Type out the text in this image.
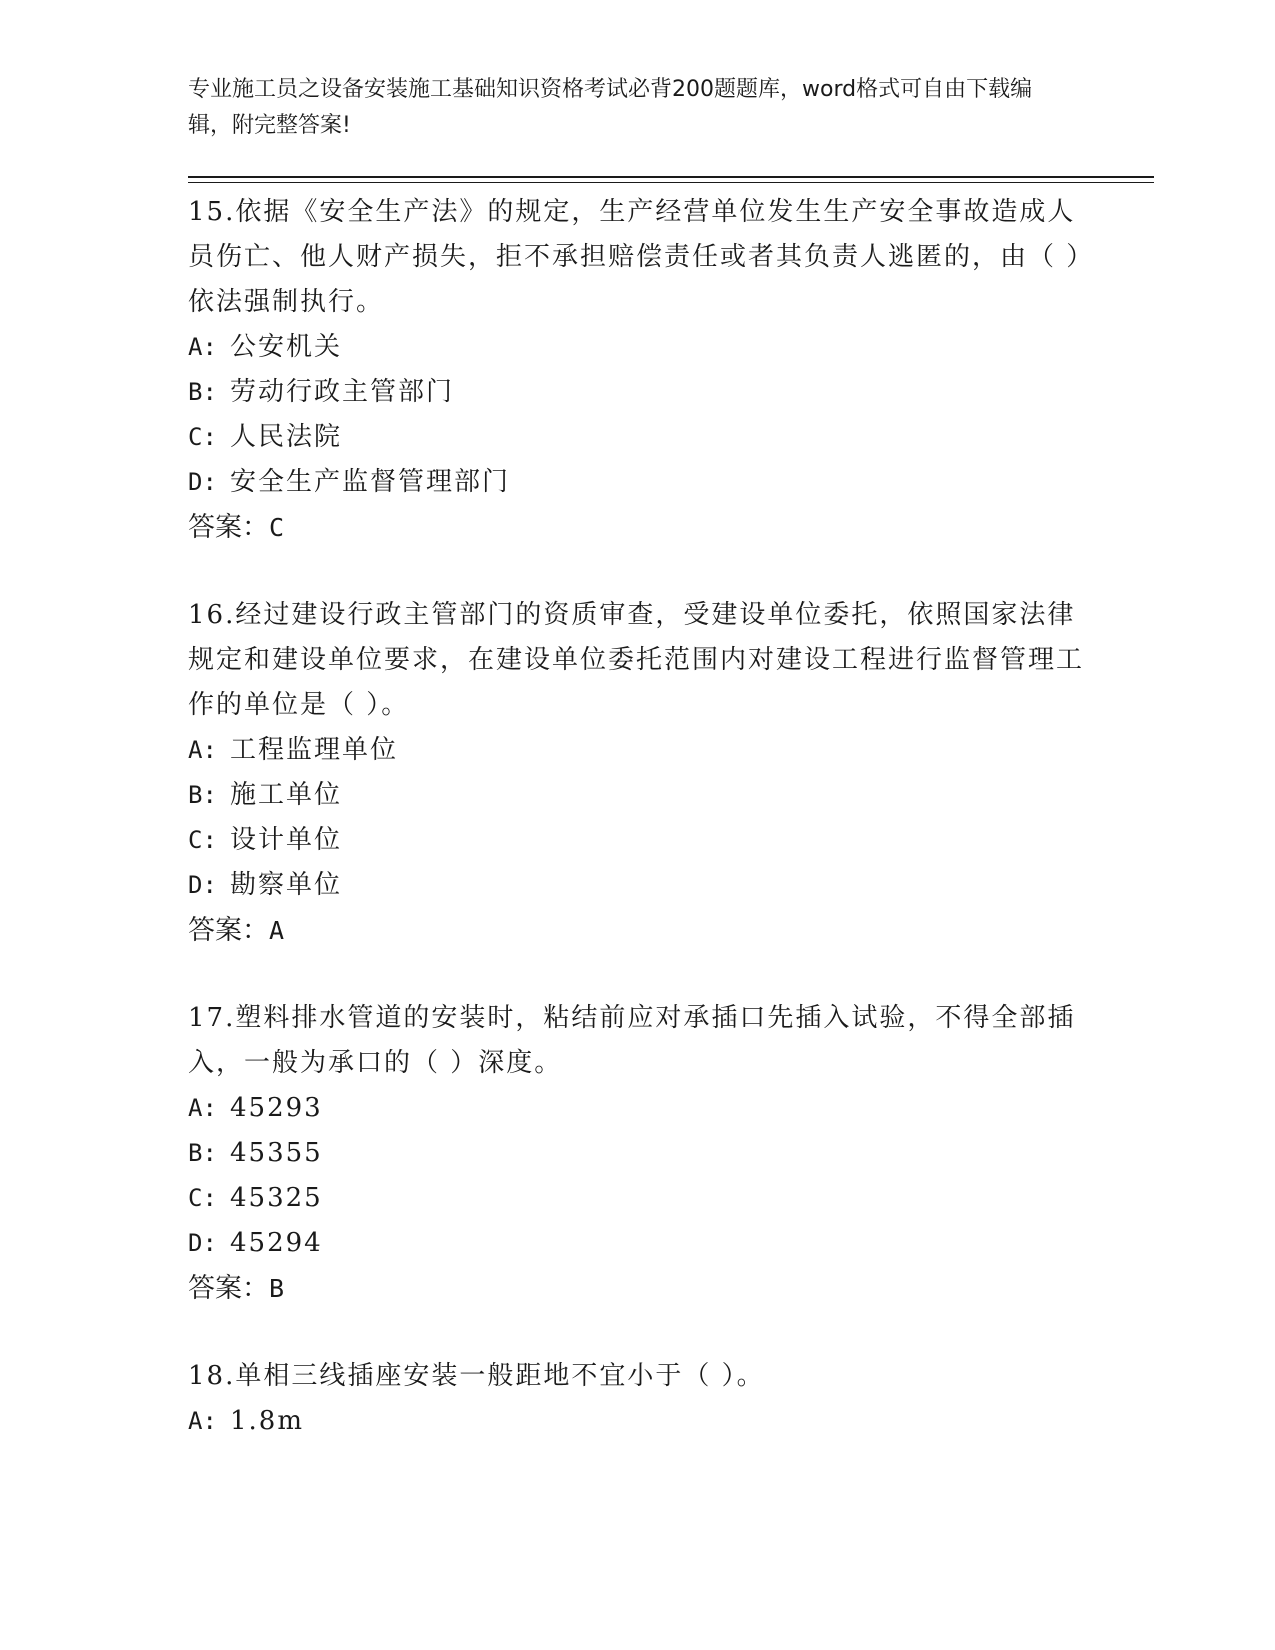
专业施工员之设备安装施工基础知识资格考试必背200题题库，word格式可自由下载编辑，附完整答案!
15.依据《安全生产法》的规定，生产经营单位发生生产安全事故造成人员伤亡、他人财产损失，拒不承担赔偿责任或者其负责人逃匿的，由（ ）依法强制执行。
A: 公安机关
B: 劳动行政主管部门
C: 人民法院
D: 安全生产监督管理部门
答案：C
16.经过建设行政主管部门的资质审查，受建设单位委托，依照国家法律规定和建设单位要求，在建设单位委托范围内对建设工程进行监督管理工作的单位是（ ）。
A: 工程监理单位
B: 施工单位
C: 设计单位
D: 勘察单位
答案：A
17.塑料排水管道的安装时，粘结前应对承插口先插入试验，不得全部插入，一般为承口的（ ）深度。
A: 45293
B: 45355
C: 45325
D: 45294
答案：B
18.单相三线插座安装一般距地不宜小于（ ）。
A: 1.8m
